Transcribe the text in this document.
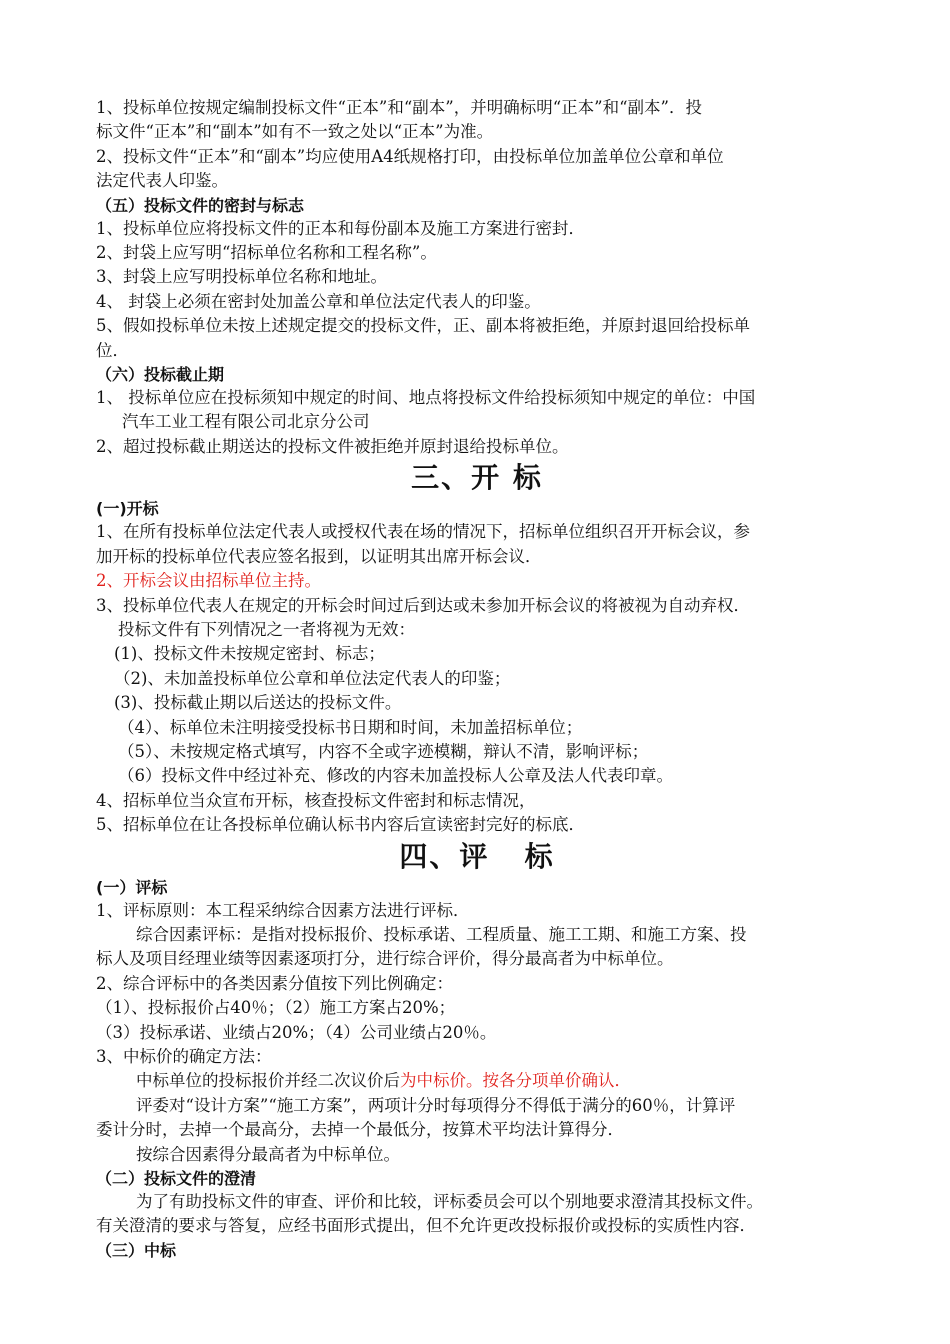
1、投标单位按规定编制投标文件“正本”和“副本”，并明确标明“正本”和“副本”．投

标文件“正本”和“副本”如有不一致之处以“正本”为准。

2、投标文件“正本”和“副本”均应使用A4纸规格打印，由投标单位加盖单位公章和单位

法定代表人印鉴。

（五）投标文件的密封与标志

1、投标单位应将投标文件的正本和每份副本及施工方案进行密封．

2、封袋上应写明“招标单位名称和工程名称”。

3、封袋上应写明投标单位名称和地址。

4、 封袋上必须在密封处加盖公章和单位法定代表人的印鉴。

5、假如投标单位未按上述规定提交的投标文件，正、副本将被拒绝，并原封退回给投标单

位．

（六）投标截止期

1、 投标单位应在投标须知中规定的时间、地点将投标文件给投标须知中规定的单位：中国

汽车工业工程有限公司北京分公司

2、超过投标截止期送达的投标文件被拒绝并原封退给投标单位。

三、开 标

(一)开标

1、在所有投标单位法定代表人或授权代表在场的情况下，招标单位组织召开开标会议，参

加开标的投标单位代表应签名报到，以证明其出席开标会议．

2、开标会议由招标单位主持。

3、投标单位代表人在规定的开标会时间过后到达或未参加开标会议的将被视为自动弃权．

投标文件有下列情况之一者将视为无效：

(1)、投标文件未按规定密封、标志；

（2)、未加盖投标单位公章和单位法定代表人的印鉴；

(3)、投标截止期以后送达的投标文件。

（4）、标单位未注明接受投标书日期和时间，未加盖招标单位；

（5）、未按规定格式填写，内容不全或字迹模糊，辩认不清，影响评标；

（6）投标文件中经过补充、修改的内容未加盖投标人公章及法人代表印章。

4、招标单位当众宣布开标，核查投标文件密封和标志情况，

5、招标单位在让各投标单位确认标书内容后宣读密封完好的标底．

四、评   标

(一）评标

1、评标原则：本工程采纳综合因素方法进行评标．

综合因素评标：是指对投标报价、投标承诺、工程质量、施工工期、和施工方案、投

标人及项目经理业绩等因素逐项打分，进行综合评价，得分最高者为中标单位。

2、综合评标中的各类因素分值按下列比例确定：

（1）、投标报价占40％；（2）施工方案占20%；

（3）投标承诺、业绩占20%；（4）公司业绩占20％。

3、中标价的确定方法：

中标单位的投标报价并经二次议价后为中标价。按各分项单价确认．

评委对“设计方案”“施工方案”，两项计分时每项得分不得低于满分的60％，计算评

委计分时，去掉一个最高分，去掉一个最低分，按算术平均法计算得分．

按综合因素得分最高者为中标单位。

（二）投标文件的澄清

为了有助投标文件的审查、评价和比较，评标委员会可以个别地要求澄清其投标文件。

有关澄清的要求与答复，应经书面形式提出，但不允许更改投标报价或投标的实质性内容．

（三）中标
